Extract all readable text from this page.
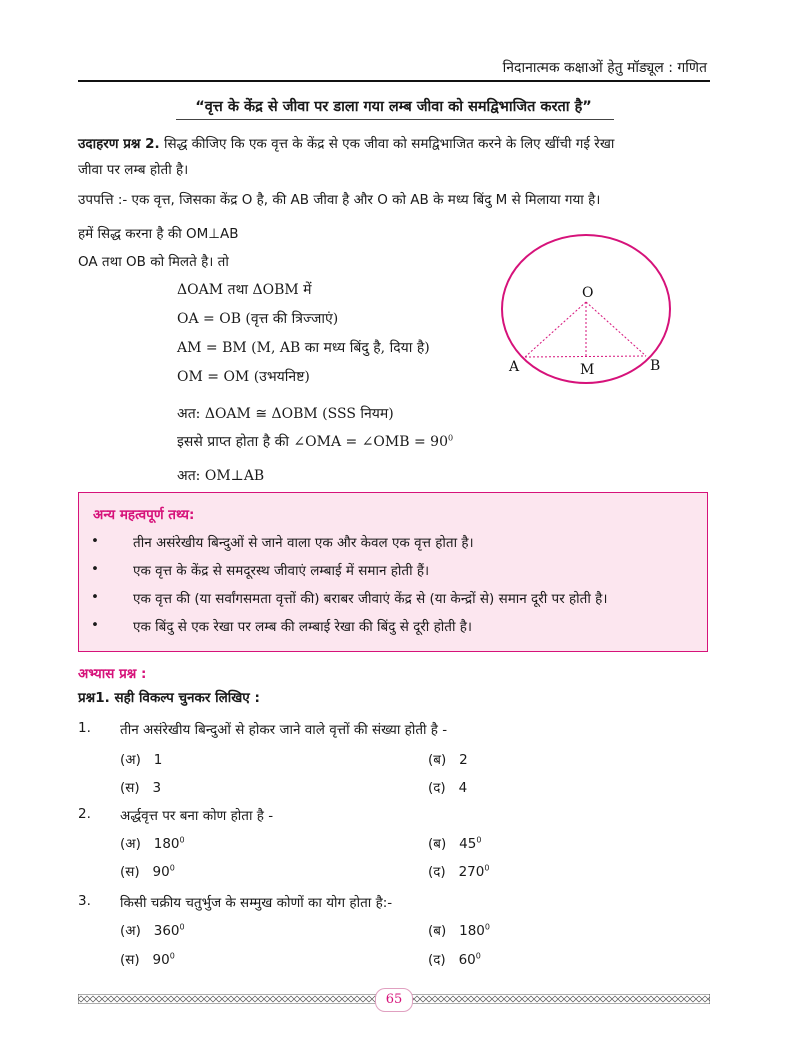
निदानात्मक कक्षाओं हेतु मॉड्यूल : गणित
“वृत्त के केंद्र से जीवा पर डाला गया लम्ब जीवा को समद्विभाजित करता है”
उदाहरण प्रश्न 2. सिद्ध कीजिए कि एक वृत्त के केंद्र से एक जीवा को समद्विभाजित करने के लिए खींची गई रेखा
जीवा पर लम्ब होती है।
उपपत्ति :- एक वृत्त, जिसका केंद्र O है, की AB जीवा है और O को AB के मध्य बिंदु M से मिलाया गया है।
हमें सिद्ध करना है की OM⊥AB
OA तथा OB को मिलते है। तो
ΔOAM तथा ΔOBM में
OA = OB (वृत्त की त्रिज्जाएं)
AM = BM (M, AB का मध्य बिंदु है, दिया है)
OM = OM (उभयनिष्ट)
अत: ΔOAM ≅ ΔOBM (SSS नियम)
इससे प्राप्त होता है की ∠OMA = ∠OMB = $90^0$
अत: OM⊥AB
O
A	M	B
अन्य महत्वपूर्ण तथ्य:
•	तीन असंरेखीय बिन्दुओं से जाने वाला एक और केवल एक वृत्त होता है।
•	एक वृत्त के केंद्र से समदूरस्थ जीवाएं लम्बाई में समान होती हैं।
•	एक वृत्त की (या सर्वांगसमता वृत्तों की) बराबर जीवाएं केंद्र से (या केन्द्रों से) समान दूरी पर होती है।
•	एक बिंदु से एक रेखा पर लम्ब की लम्बाई रेखा की बिंदु से दूरी होती है।
अभ्यास प्रश्न :
प्रश्न1. सही विकल्प चुनकर लिखिए :
1. तीन असंरेखीय बिन्दुओं से होकर जाने वाले वृत्तों की संख्या होती है -
(अ) 1	(ब) 2
(स) 3	(द) 4
2. अर्द्धवृत्त पर बना कोण होता है -
(अ) $180^0$	(ब) $45^0$
(स) $90^0$	(द) $270^0$
3. किसी चक्रीय चतुर्भुज के सम्मुख कोणों का योग होता है:-
(अ) $360^0$	(ब) $180^0$
(स) $90^0$	(द) $60^0$
65
